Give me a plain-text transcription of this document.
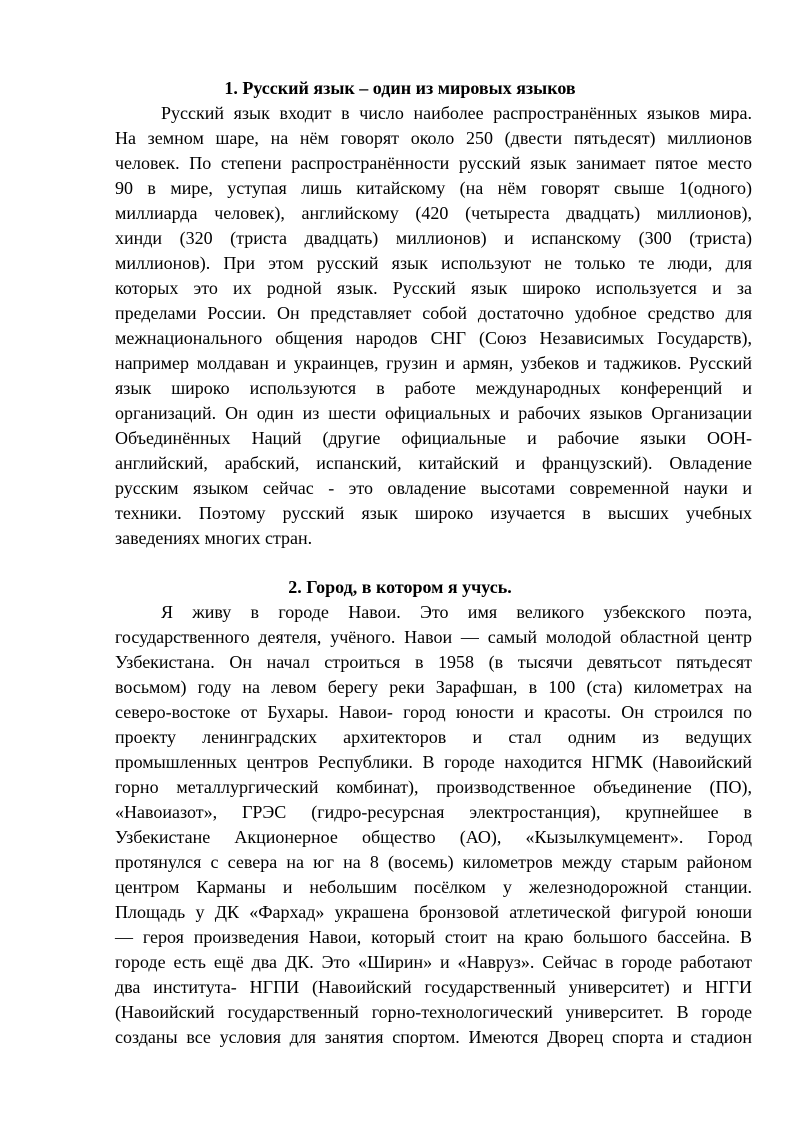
1. Русский язык – один из мировых языков
Русский язык входит в число наиболее распространённых языков мира.
На земном шаре, на нём говорят около 250 (двести пятьдесят) миллионов
человек. По степени распространённости русский язык занимает пятое место
90 в мире, уступая лишь китайскому (на нём говорят свыше 1(одного)
миллиарда человек), английскому (420 (четыреста двадцать) миллионов),
хинди (320 (триста двадцать) миллионов) и испанскому (300 (триста)
миллионов). При этом русский язык используют не только те люди, для
которых это их родной язык. Русский язык широко используется и за
пределами России. Он представляет собой достаточно удобное средство для
межнационального общения народов СНГ (Союз Независимых Государств),
например молдаван и украинцев, грузин и армян, узбеков и таджиков. Русский
язык широко используются в работе международных конференций и
организаций. Он один из шести официальных и рабочих языков Организации
Объединённых Наций (другие официальные и рабочие языки ООН-
английский, арабский, испанский, китайский и французский). Овладение
русским языком сейчас - это овладение высотами современной науки и
техники. Поэтому русский язык широко изучается в высших учебных
заведениях многих стран.
2. Город, в котором я учусь.
Я живу в городе Навои. Это имя великого узбекского поэта,
государственного деятеля, учёного. Навои — самый молодой областной центр
Узбекистана. Он начал строиться в 1958 (в тысячи девятьсот пятьдесят
восьмом) году на левом берегу реки Зарафшан, в 100 (ста) километрах на
северо-востоке от Бухары. Навои- город юности и красоты. Он строился по
проекту ленинградских архитекторов и стал одним из ведущих
промышленных центров Республики. В городе находится НГМК (Навоийский
горно металлургический комбинат), производственное объединение (ПО),
«Навоиазот», ГРЭС (гидро-ресурсная электростанция), крупнейшее в
Узбекистане Акционерное общество (АО), «Кызылкумцемент». Город
протянулся с севера на юг на 8 (восемь) километров между старым районом
центром Карманы и небольшим посёлком у железнодорожной станции.
Площадь у ДК «Фархад» украшена бронзовой атлетической фигурой юноши
— героя произведения Навои, который стоит на краю большого бассейна. В
городе есть ещё два ДК. Это «Ширин» и «Навруз». Сейчас в городе работают
два института- НГПИ (Навоийский государственный университет) и НГГИ
(Навоийский государственный горно-технологический университет. В городе
созданы все условия для занятия спортом. Имеются Дворец спорта и стадион
